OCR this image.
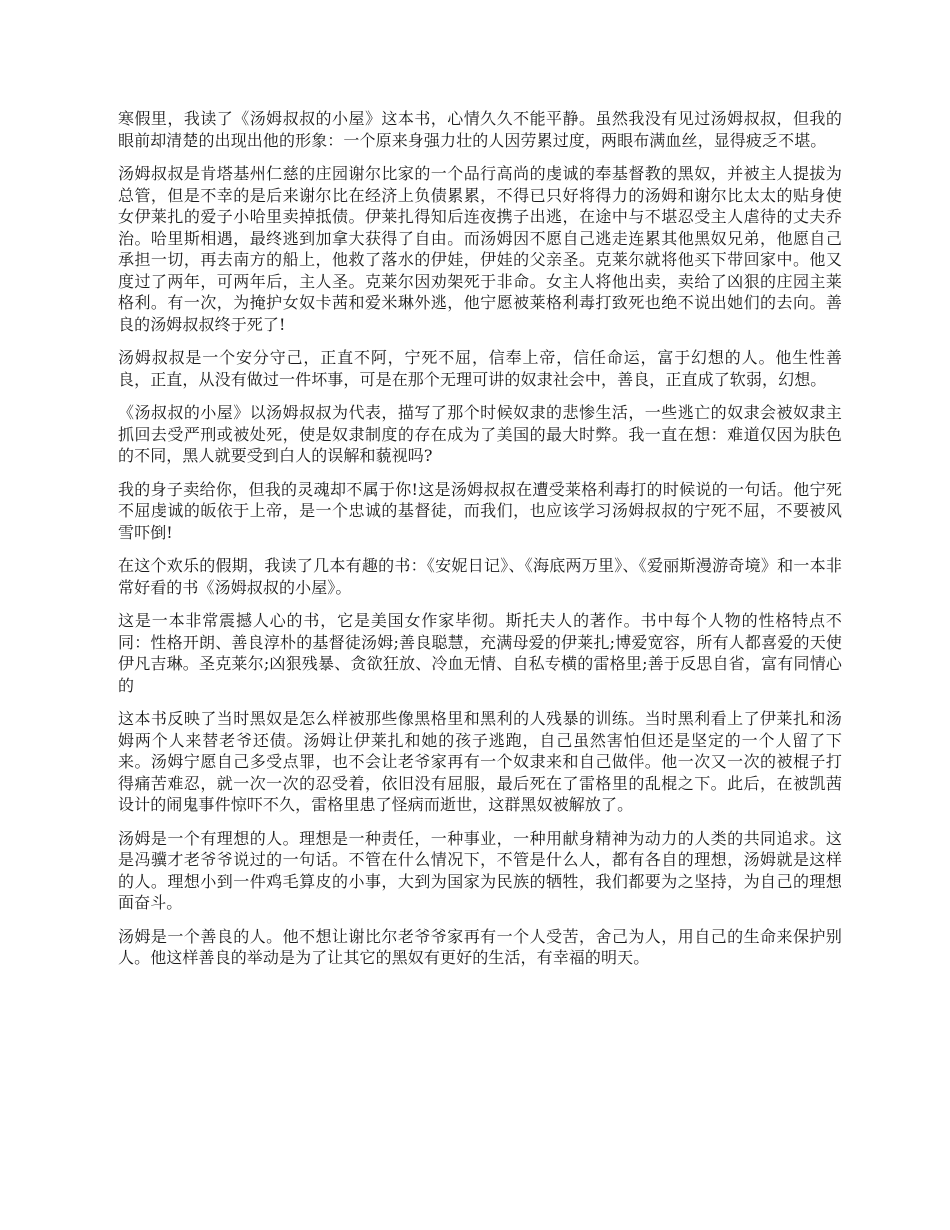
寒假里，我读了《汤姆叔叔的小屋》这本书，心情久久不能平静。虽然我没有见过汤姆叔叔，但我的眼前却清楚的出现出他的形象：一个原来身强力壮的人因劳累过度，两眼布满血丝，显得疲乏不堪。

汤姆叔叔是肯塔基州仁慈的庄园谢尔比家的一个品行高尚的虔诚的奉基督教的黑奴，并被主人提拔为总管，但是不幸的是后来谢尔比在经济上负债累累，不得已只好将得力的汤姆和谢尔比太太的贴身使女伊莱扎的爱子小哈里卖掉抵债。伊莱扎得知后连夜携子出逃，在途中与不堪忍受主人虐待的丈夫乔治。哈里斯相遇，最终逃到加拿大获得了自由。而汤姆因不愿自己逃走连累其他黑奴兄弟，他愿自己承担一切，再去南方的船上，他救了落水的伊娃，伊娃的父亲圣。克莱尔就将他买下带回家中。他又度过了两年，可两年后，主人圣。克莱尔因劝架死于非命。女主人将他出卖，卖给了凶狠的庄园主莱格利。有一次，为掩护女奴卡茜和爱米琳外逃，他宁愿被莱格利毒打致死也绝不说出她们的去向。善良的汤姆叔叔终于死了!

汤姆叔叔是一个安分守己，正直不阿，宁死不屈，信奉上帝，信任命运，富于幻想的人。他生性善良，正直，从没有做过一件坏事，可是在那个无理可讲的奴隶社会中，善良，正直成了软弱，幻想。

《汤叔叔的小屋》以汤姆叔叔为代表，描写了那个时候奴隶的悲惨生活，一些逃亡的奴隶会被奴隶主抓回去受严刑或被处死，使是奴隶制度的存在成为了美国的最大时弊。我一直在想：难道仅因为肤色的不同，黑人就要受到白人的误解和藐视吗?

我的身子卖给你，但我的灵魂却不属于你!这是汤姆叔叔在遭受莱格利毒打的时候说的一句话。他宁死不屈虔诚的皈依于上帝，是一个忠诚的基督徒，而我们，也应该学习汤姆叔叔的宁死不屈，不要被风雪吓倒!

在这个欢乐的假期，我读了几本有趣的书：《安妮日记》、《海底两万里》、《爱丽斯漫游奇境》和一本非常好看的书《汤姆叔叔的小屋》。

这是一本非常震撼人心的书，它是美国女作家毕彻。斯托夫人的著作。书中每个人物的性格特点不同：性格开朗、善良淳朴的基督徒汤姆;善良聪慧，充满母爱的伊莱扎;博爱宽容，所有人都喜爱的天使伊凡吉琳。圣克莱尔;凶狠残暴、贪欲狂放、冷血无情、自私专横的雷格里;善于反思自省，富有同情心的

这本书反映了当时黑奴是怎么样被那些像黑格里和黑利的人残暴的训练。当时黑利看上了伊莱扎和汤姆两个人来替老爷还债。汤姆让伊莱扎和她的孩子逃跑，自己虽然害怕但还是坚定的一个人留了下来。汤姆宁愿自己多受点罪，也不会让老爷家再有一个奴隶来和自己做伴。他一次又一次的被棍子打得痛苦难忍，就一次一次的忍受着，依旧没有屈服，最后死在了雷格里的乱棍之下。此后，在被凯茜设计的闹鬼事件惊吓不久，雷格里患了怪病而逝世，这群黑奴被解放了。

汤姆是一个有理想的人。理想是一种责任，一种事业，一种用献身精神为动力的人类的共同追求。这是冯骥才老爷爷说过的一句话。不管在什么情况下，不管是什么人，都有各自的理想，汤姆就是这样的人。理想小到一件鸡毛算皮的小事，大到为国家为民族的牺牲，我们都要为之坚持，为自己的理想面奋斗。

汤姆是一个善良的人。他不想让谢比尔老爷爷家再有一个人受苦，舍己为人，用自己的生命来保护别人。他这样善良的举动是为了让其它的黑奴有更好的生活，有幸福的明天。
